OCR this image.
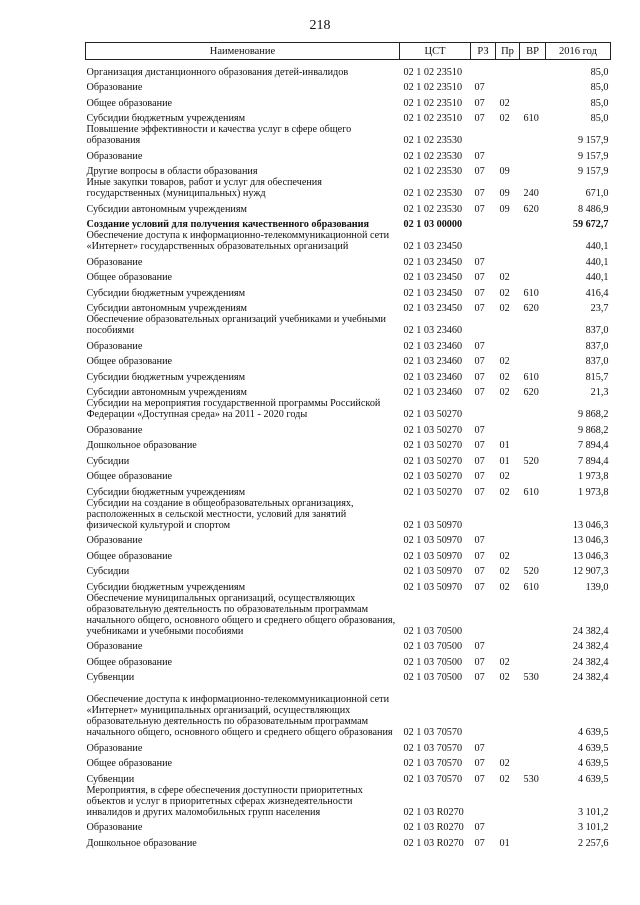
218
Наименование	ЦСТ	РЗ	Пр	ВР	2016 год
Организация дистанционного образования детей-инвалидов	02 1 02 23510				85,0
Образование	02 1 02 23510	07			85,0
Общее образование	02 1 02 23510	07	02		85,0
Субсидии бюджетным учреждениям	02 1 02 23510	07	02	610	85,0
Повышение эффективности и качества услуг в сфере общего образования	02 1 02 23530				9 157,9
Образование	02 1 02 23530	07			9 157,9
Другие вопросы в области образования	02 1 02 23530	07	09		9 157,9
Иные закупки товаров, работ и услуг для обеспечения государственных (муниципальных) нужд	02 1 02 23530	07	09	240	671,0
Субсидии автономным учреждениям	02 1 02 23530	07	09	620	8 486,9
Создание условий для получения качественного образования	02 1 03 00000				59 672,7
Обеспечение доступа к информационно-телекоммуникационной сети «Интернет» государственных образовательных организаций	02 1 03 23450				440,1
Образование	02 1 03 23450	07			440,1
Общее образование	02 1 03 23450	07	02		440,1
Субсидии бюджетным учреждениям	02 1 03 23450	07	02	610	416,4
Субсидии автономным учреждениям	02 1 03 23450	07	02	620	23,7
Обеспечение образовательных организаций учебниками и учебными пособиями	02 1 03 23460				837,0
Образование	02 1 03 23460	07			837,0
Общее образование	02 1 03 23460	07	02		837,0
Субсидии бюджетным учреждениям	02 1 03 23460	07	02	610	815,7
Субсидии автономным учреждениям	02 1 03 23460	07	02	620	21,3
Субсидии на мероприятия государственной программы Российской Федерации «Доступная среда» на 2011 - 2020 годы	02 1 03 50270				9 868,2
Образование	02 1 03 50270	07			9 868,2
Дошкольное образование	02 1 03 50270	07	01		7 894,4
Субсидии	02 1 03 50270	07	01	520	7 894,4
Общее образование	02 1 03 50270	07	02		1 973,8
Субсидии бюджетным учреждениям	02 1 03 50270	07	02	610	1 973,8
Субсидии на создание в общеобразовательных организациях, расположенных в сельской местности, условий для занятий физической культурой и спортом	02 1 03 50970				13 046,3
Образование	02 1 03 50970	07			13 046,3
Общее образование	02 1 03 50970	07	02		13 046,3
Субсидии	02 1 03 50970	07	02	520	12 907,3
Субсидии бюджетным учреждениям	02 1 03 50970	07	02	610	139,0
Обеспечение муниципальных организаций, осуществляющих образовательную деятельность по образовательным программам начального общего, основного общего и среднего общего образования, учебниками и учебными пособиями	02 1 03 70500				24 382,4
Образование	02 1 03 70500	07			24 382,4
Общее образование	02 1 03 70500	07	02		24 382,4
Субвенции	02 1 03 70500	07	02	530	24 382,4
Обеспечение доступа к информационно-телекоммуникационной сети «Интернет» муниципальных организаций, осуществляющих образовательную деятельность по образовательным программам начального общего, основного общего и среднего общего образования	02 1 03 70570				4 639,5
Образование	02 1 03 70570	07			4 639,5
Общее образование	02 1 03 70570	07	02		4 639,5
Субвенции	02 1 03 70570	07	02	530	4 639,5
Мероприятия, в сфере обеспечения доступности приоритетных объектов и услуг в приоритетных сферах жизнедеятельности инвалидов и других маломобильных групп населения	02 1 03 R0270				3 101,2
Образование	02 1 03 R0270	07			3 101,2
Дошкольное образование	02 1 03 R0270	07	01		2 257,6
